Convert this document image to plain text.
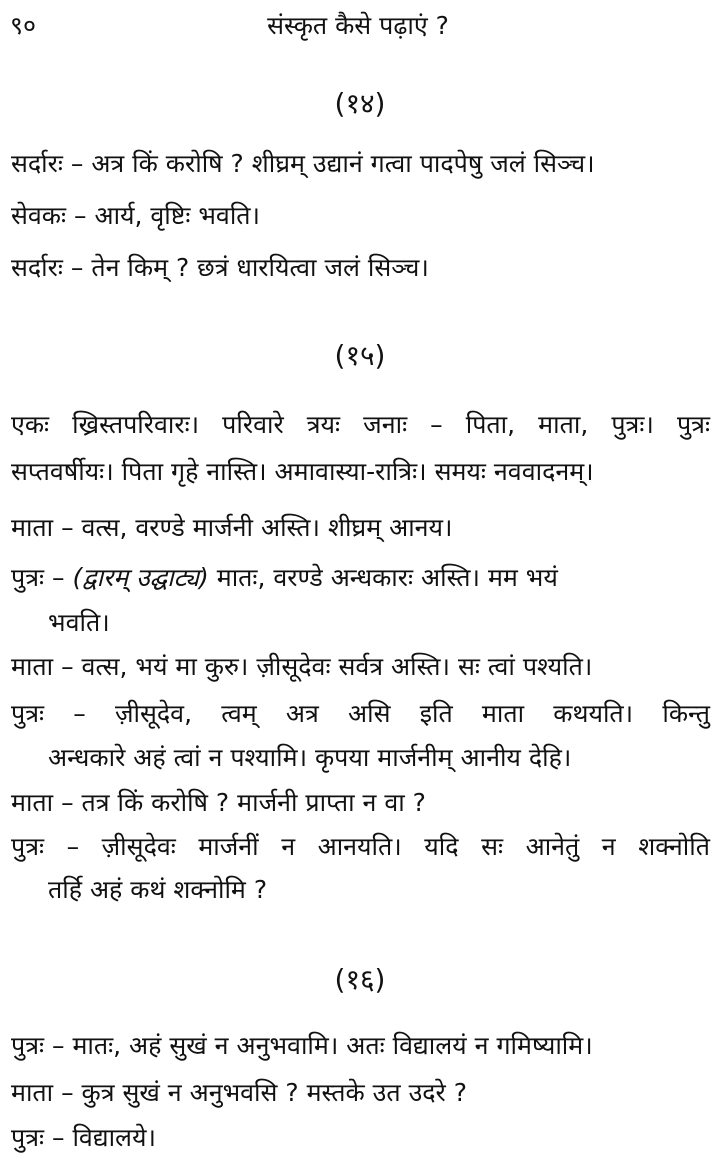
९०	संस्कृत कैसे पढ़ाएं ?
(१४)
सर्दारः – अत्र किं करोषि ? शीघ्रम् उद्यानं गत्वा पादपेषु जलं सिञ्च।
सेवकः – आर्य, वृष्टिः भवति।
सर्दारः – तेन किम् ? छत्रं धारयित्वा जलं सिञ्च।
(१५)
एकः ख्रिस्तपरिवारः। परिवारे त्रयः जनाः – पिता, माता, पुत्रः। पुत्रः
सप्तवर्षीयः। पिता गृहे नास्ति। अमावास्या-रात्रिः। समयः नववादनम्।
माता – वत्स, वरण्डे मार्जनी अस्ति। शीघ्रम् आनय।
पुत्रः – (द्वारम् उद्घाट्य) मातः, वरण्डे अन्धकारः अस्ति। मम भयं
भवति।
माता – वत्स, भयं मा कुरु। ज़ीसूदेवः सर्वत्र अस्ति। सः त्वां पश्यति।
पुत्रः – ज़ीसूदेव, त्वम् अत्र असि इति माता कथयति। किन्तु
अन्धकारे अहं त्वां न पश्यामि। कृपया मार्जनीम् आनीय देहि।
माता – तत्र किं करोषि ? मार्जनी प्राप्ता न वा ?
पुत्रः – ज़ीसूदेवः मार्जनीं न आनयति। यदि सः आनेतुं न शक्नोति
तर्हि अहं कथं शक्नोमि ?
(१६)
पुत्रः – मातः, अहं सुखं न अनुभवामि। अतः विद्यालयं न गमिष्यामि।
माता – कुत्र सुखं न अनुभवसि ? मस्तके उत उदरे ?
पुत्रः – विद्यालये।
